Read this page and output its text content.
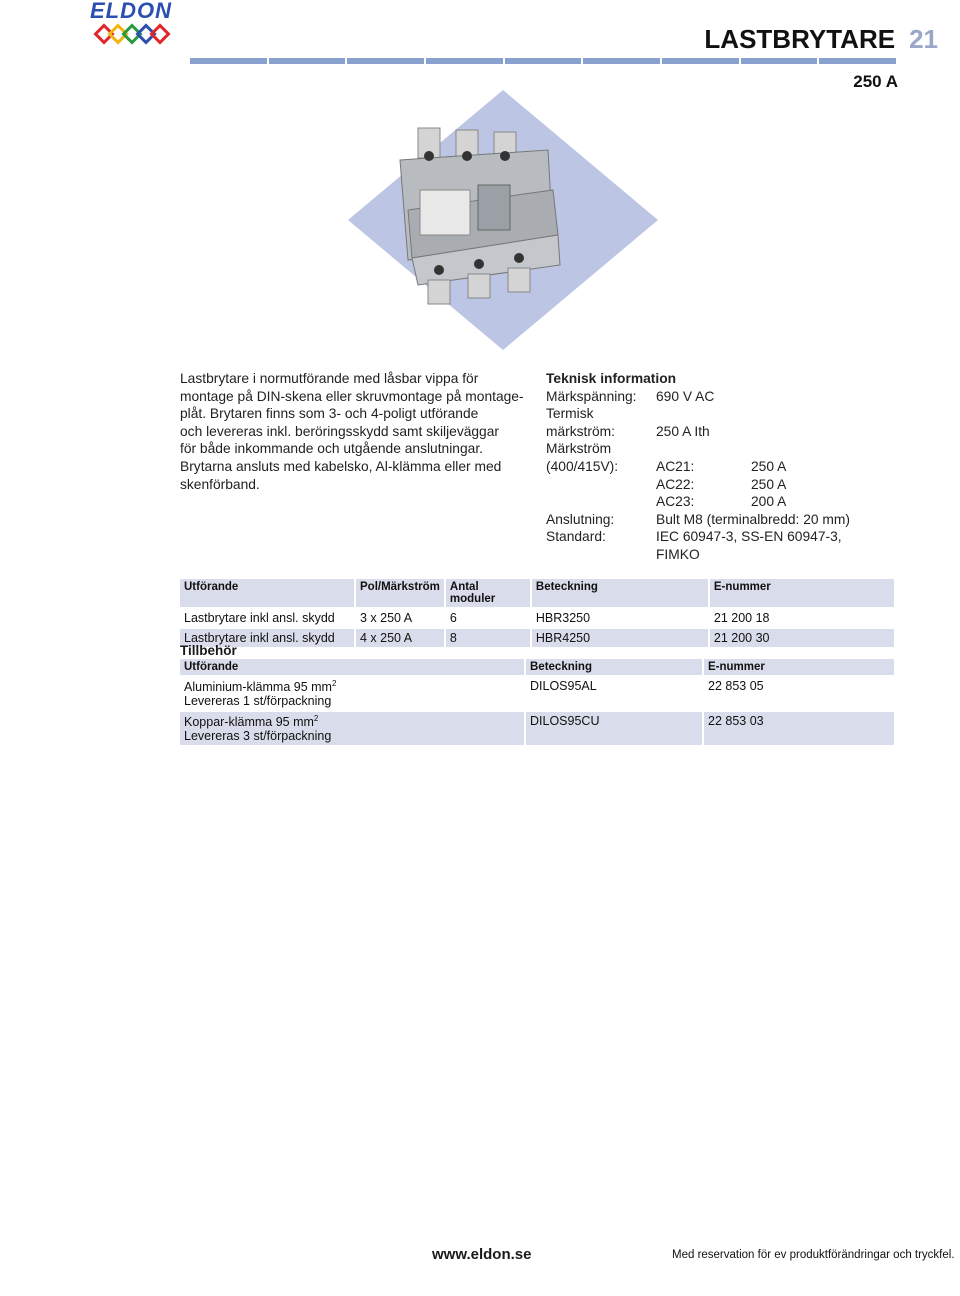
ELDON
LASTBRYTARE 21
250 A

Lastbrytare i normutförande med låsbar vippa för

montage på DIN-skena eller skruvmontage på montage-

plåt. Brytaren finns som 3- och 4-poligt utförande

och levereras inkl. beröringsskydd samt skiljeväggar

för både inkommande och utgående anslutningar.

Brytarna ansluts med kabelsko, Al-klämma eller med

skenförband.

Teknisk information
Märkspänning: 690 V AC
Termisk
märkström:	250 A Ith
Märkström
(400/415V):	AC21:	250 A
AC22:	250 A
AC23:	200 A
Anslutning:	Bult M8 (terminalbredd: 20 mm)
Standard:	IEC 60947-3, SS-EN 60947-3,
FIMKO
Utförande	Pol/Märkström	Antal moduler	Beteckning	E-nummer
Lastbrytare inkl ansl. skydd	3 x 250 A	6	HBR3250	21 200 18
Lastbrytare inkl ansl. skydd	4 x 250 A	8	HBR4250	21 200 30
Tillbehör
Utförande	Beteckning	E-nummer
Aluminium-klämma 95 $mm^2$
Levereras 1 st/förpackning	DILOS95AL	22 853 05
Koppar-klämma 95 $mm^2$
Levereras 3 st/förpackning	DILOS95CU	22 853 03
www.eldon.se	Med reservation för ev produktförändringar och tryckfel.
